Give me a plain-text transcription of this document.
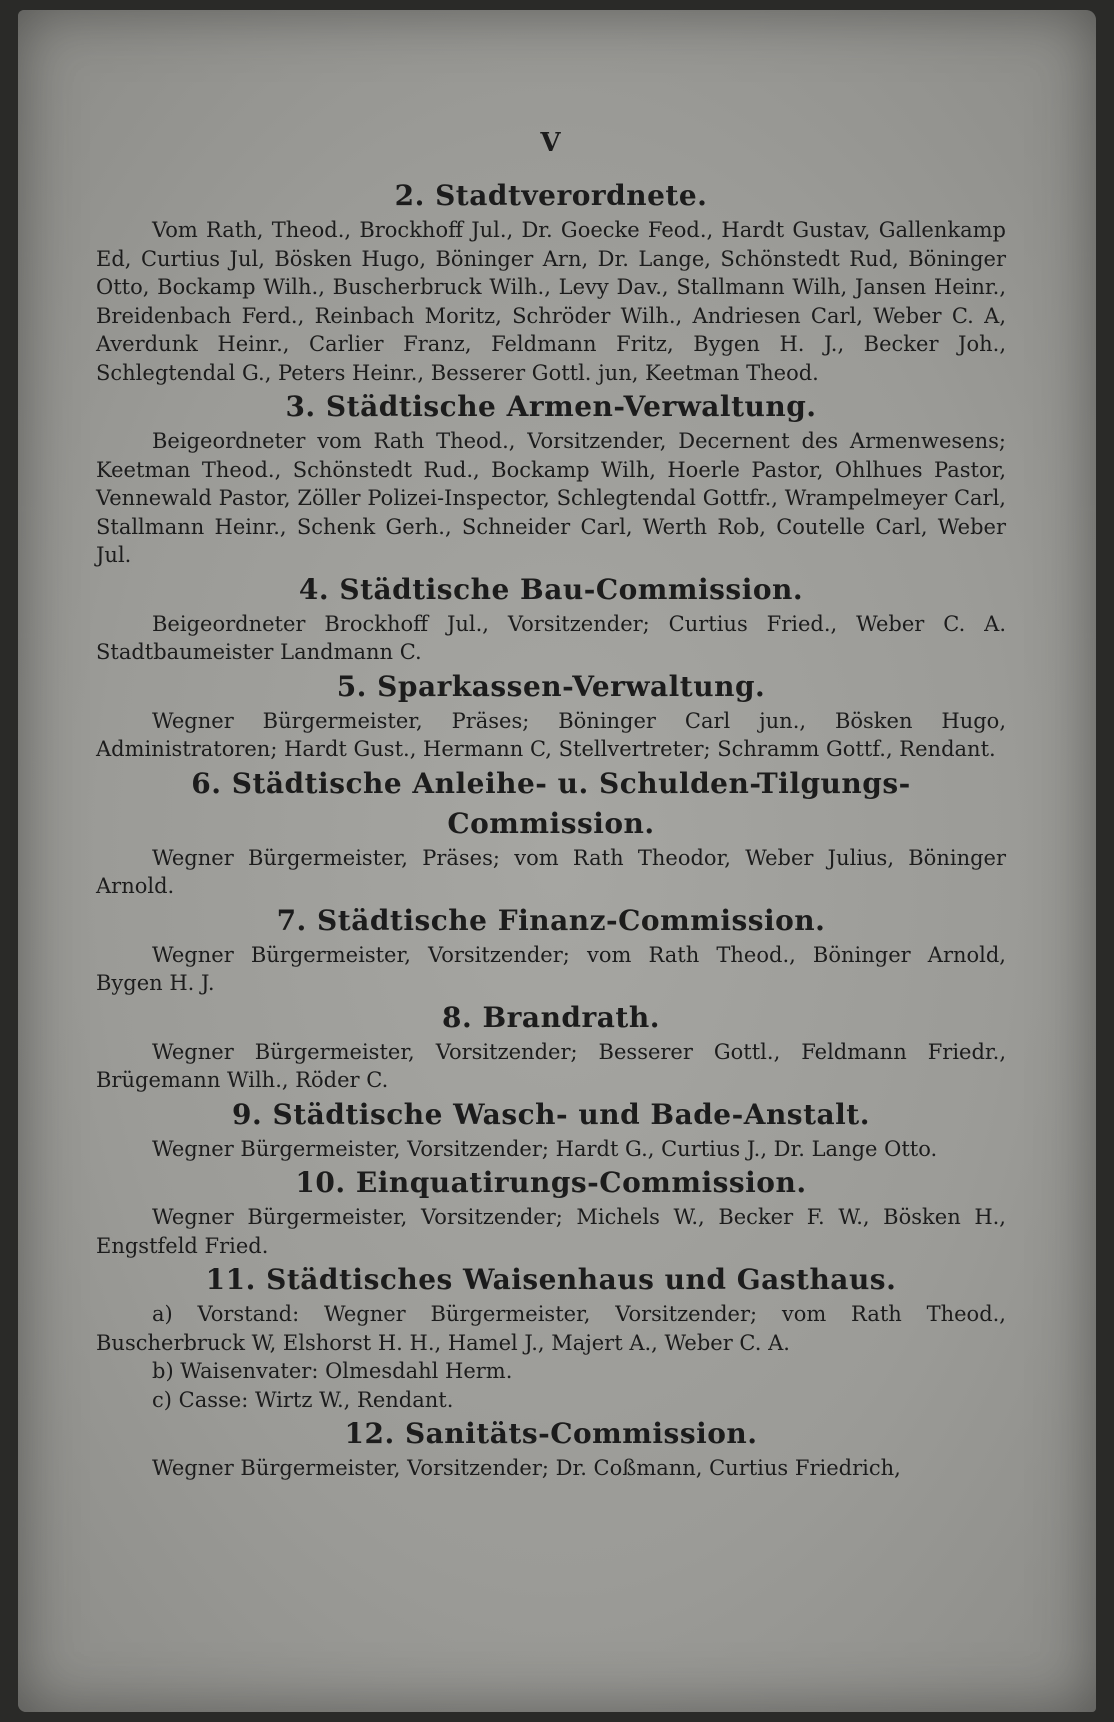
V
2. Stadtverordnete.

Vom Rath, Theod., Brockhoff Jul., Dr. Goecke Feod., Hardt Gustav, Gallenkamp Ed, Curtius Jul, Bösken Hugo, Böninger Arn, Dr. Lange, Schönstedt Rud, Böninger Otto, Bockamp Wilh., Buscherbruck Wilh., Levy Dav., Stallmann Wilh, Jansen Heinr., Breidenbach Ferd., Reinbach Moritz, Schröder Wilh., Andriesen Carl, Weber C. A, Averdunk Heinr., Carlier Franz, Feldmann Fritz, Bygen H. J., Becker Joh., Schlegtendal G., Peters Heinr., Besserer Gottl. jun, Keetman Theod.

3. Städtische Armen-Verwaltung.

Beigeordneter vom Rath Theod., Vorsitzender, Decernent des Armenwesens; Keetman Theod., Schönstedt Rud., Bockamp Wilh, Hoerle Pastor, Ohlhues Pastor, Vennewald Pastor, Zöller Polizei-Inspector, Schlegtendal Gottfr., Wrampelmeyer Carl, Stallmann Heinr., Schenk Gerh., Schneider Carl, Werth Rob, Coutelle Carl, Weber Jul.

4. Städtische Bau-Commission.

Beigeordneter Brockhoff Jul., Vorsitzender; Curtius Fried., Weber C. A. Stadtbaumeister Landmann C.

5. Sparkassen-Verwaltung.

Wegner Bürgermeister, Präses; Böninger Carl jun., Bösken Hugo, Administratoren; Hardt Gust., Hermann C, Stellvertreter; Schramm Gottf., Rendant.

6. Städtische Anleihe- u. Schulden-Tilgungs-Commission.

Wegner Bürgermeister, Präses; vom Rath Theodor, Weber Julius, Böninger Arnold.

7. Städtische Finanz-Commission.

Wegner Bürgermeister, Vorsitzender; vom Rath Theod., Böninger Arnold, Bygen H. J.

8. Brandrath.

Wegner Bürgermeister, Vorsitzender; Besserer Gottl., Feldmann Friedr., Brügemann Wilh., Röder C.

9. Städtische Wasch- und Bade-Anstalt.

Wegner Bürgermeister, Vorsitzender; Hardt G., Curtius J., Dr. Lange Otto.

10. Einquatirungs-Commission.

Wegner Bürgermeister, Vorsitzender; Michels W., Becker F. W., Bösken H., Engstfeld Fried.

11. Städtisches Waisenhaus und Gasthaus.

a) Vorstand: Wegner Bürgermeister, Vorsitzender; vom Rath Theod., Buscherbruck W, Elshorst H. H., Hamel J., Majert A., Weber C. A.

b) Waisenvater: Olmesdahl Herm.

c) Casse: Wirtz W., Rendant.

12. Sanitäts-Commission.

Wegner Bürgermeister, Vorsitzender; Dr. Coßmann, Curtius Friedrich,
